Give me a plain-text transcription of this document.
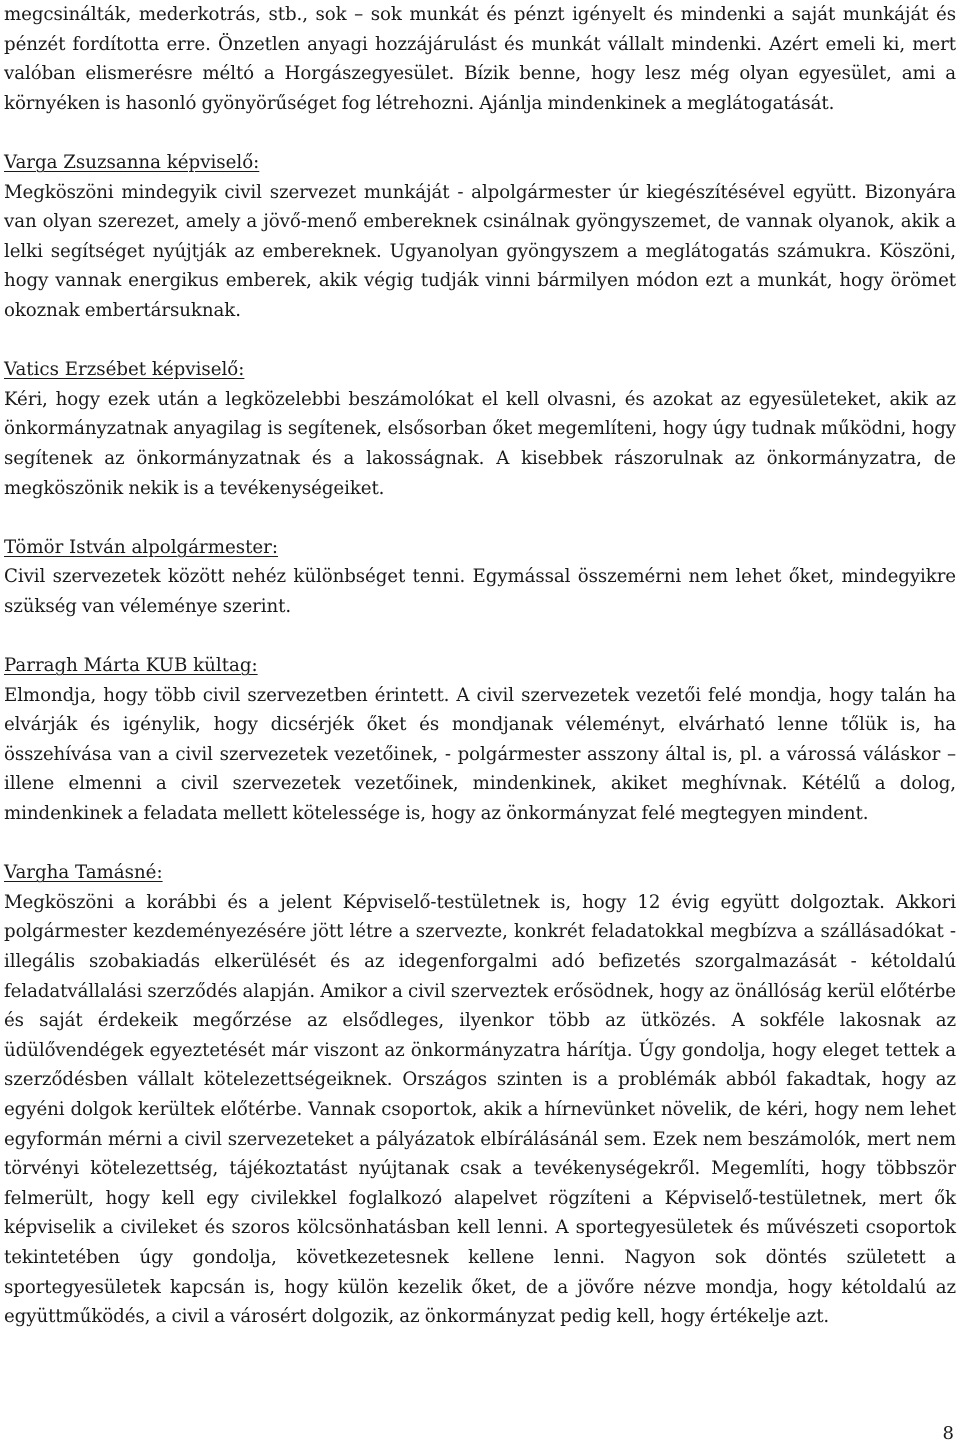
megcsinálták, mederkotrás, stb., sok – sok munkát és pénzt igényelt és mindenki a saját munkáját és pénzét fordította erre. Önzetlen anyagi hozzájárulást és munkát vállalt mindenki. Azért emeli ki, mert valóban elismerésre méltó a Horgászegyesület. Bízik benne, hogy lesz még olyan egyesület, ami a környéken is hasonló gyönyörűséget fog létrehozni. Ajánlja mindenkinek a meglátogatását.

Varga Zsuzsanna képviselő:

Megköszöni mindegyik civil szervezet munkáját - alpolgármester úr kiegészítésével együtt. Bizonyára van olyan szerezet, amely a jövő-menő embereknek csinálnak gyöngyszemet, de vannak olyanok, akik a lelki segítséget nyújtják az embereknek. Ugyanolyan gyöngyszem a meglátogatás számukra. Köszöni, hogy vannak energikus emberek, akik végig tudják vinni bármilyen módon ezt a munkát, hogy örömet okoznak embertársuknak.

Vatics Erzsébet képviselő:

Kéri, hogy ezek után a legközelebbi beszámolókat el kell olvasni, és azokat az egyesületeket, akik az önkormányzatnak anyagilag is segítenek, elsősorban őket megemlíteni, hogy úgy tudnak működni, hogy segítenek az önkormányzatnak és a lakosságnak. A kisebbek rászorulnak az önkormányzatra, de megköszönik nekik is a tevékenységeiket.

Tömör István alpolgármester:

Civil szervezetek között nehéz különbséget tenni. Egymással összemérni nem lehet őket, mindegyikre szükség van véleménye szerint.

Parragh Márta KUB kültag:

Elmondja, hogy több civil szervezetben érintett. A civil szervezetek vezetői felé mondja, hogy talán ha elvárják és igénylik, hogy dicsérjék őket és mondjanak véleményt, elvárható lenne tőlük is, ha összehívása van a civil szervezetek vezetőinek, - polgármester asszony által is, pl. a várossá váláskor – illene elmenni a civil szervezetek vezetőinek, mindenkinek, akiket meghívnak. Kétélű a dolog, mindenkinek a feladata mellett kötelessége is, hogy az önkormányzat felé megtegyen mindent.

Vargha Tamásné:

Megköszöni a korábbi és a jelent Képviselő-testületnek is, hogy 12 évig együtt dolgoztak. Akkori polgármester kezdeményezésére jött létre a szervezte, konkrét feladatokkal megbízva a szállásadókat - illegális szobakiadás elkerülését és az idegenforgalmi adó befizetés szorgalmazását - kétoldalú feladatvállalási szerződés alapján. Amikor a civil szerveztek erősödnek, hogy az önállóság kerül előtérbe és saját érdekeik megőrzése az elsődleges, ilyenkor több az ütközés. A sokféle lakosnak az üdülővendégek egyeztetését már viszont az önkormányzatra hárítja. Úgy gondolja, hogy eleget tettek a szerződésben vállalt kötelezettségeiknek. Országos szinten is a problémák abból fakadtak, hogy az egyéni dolgok kerültek előtérbe. Vannak csoportok, akik a hírnevünket növelik, de kéri, hogy nem lehet egyformán mérni a civil szervezeteket a pályázatok elbírálásánál sem. Ezek nem beszámolók, mert nem törvényi kötelezettség, tájékoztatást nyújtanak csak a tevékenységekről. Megemlíti, hogy többször felmerült, hogy kell egy civilekkel foglalkozó alapelvet rögzíteni a Képviselő-testületnek, mert ők képviselik a civileket és szoros kölcsönhatásban kell lenni. A sportegyesületek és művészeti csoportok tekintetében úgy gondolja, következetesnek kellene lenni. Nagyon sok döntés született a sportegyesületek kapcsán is, hogy külön kezelik őket, de a jövőre nézve mondja, hogy kétoldalú az együttműködés, a civil a városért dolgozik, az önkormányzat pedig kell, hogy értékelje azt.

8
